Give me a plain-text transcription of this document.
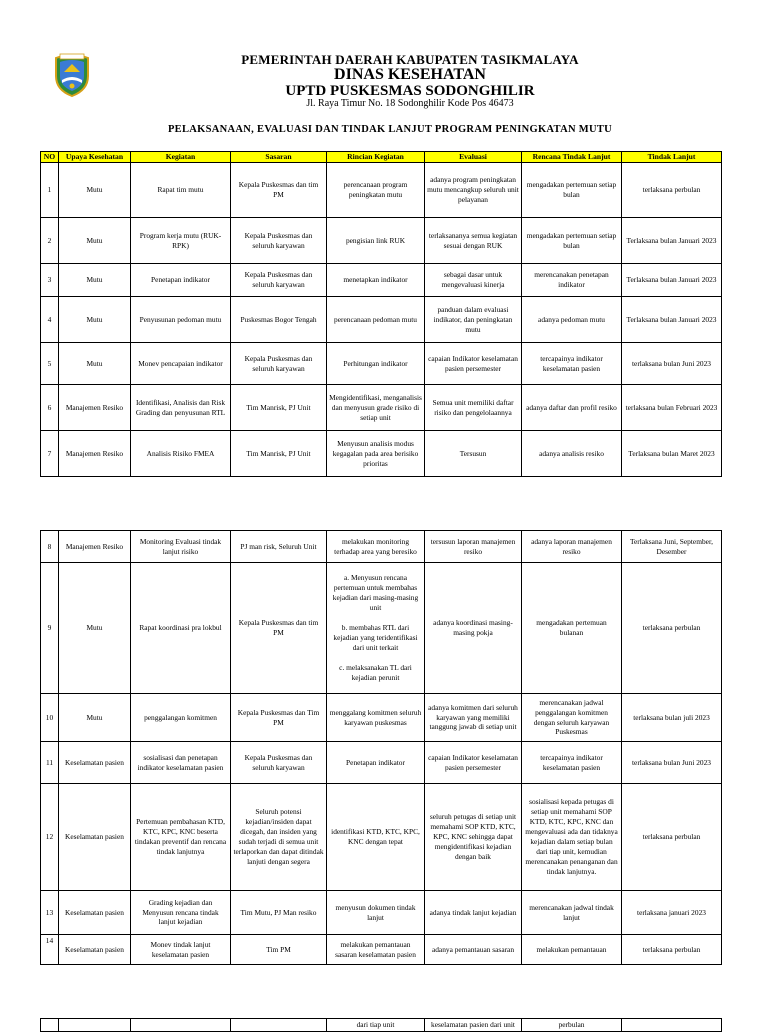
PEMERINTAH DAERAH KABUPATEN TASIKMALAYA
DINAS KESEHATAN
UPTD PUSKESMAS SODONGHILIR
Jl. Raya Timur No. 18 Sodonghilir Kode Pos 46473
PELAKSANAAN, EVALUASI DAN TINDAK LANJUT PROGRAM PENINGKATAN MUTU
NO	Upaya Kesehatan	Kegiatan	Sasaran	Rincian Kegiatan	Evaluasi	Rencana Tindak Lanjut	Tindak Lanjut
1	Mutu	Rapat tim mutu	Kepala Puskesmas dan tim PM	perencanaan program peningkatan mutu	adanya program peningkatan mutu mencangkup seluruh unit pelayanan	mengadakan pertemuan setiap bulan	terlaksana perbulan
2	Mutu	Program kerja mutu (RUK-RPK)	Kepala Puskesmas dan seluruh karyawan	pengisian link RUK	terlaksananya semua kegiatan sesuai dengan RUK	mengadakan pertemuan setiap bulan	Terlaksana bulan Januari 2023
3	Mutu	Penetapan indikator	Kepala Puskesmas dan seluruh karyawan	menetapkan indikator	sebagai dasar untuk mengevaluasi kinerja	merencanakan penetapan indikator	Terlaksana bulan Januari 2023
4	Mutu	Penyusunan pedoman mutu	Puskesmas Bogor Tengah	perencanaan pedoman mutu	panduan dalam evaluasi indikator, dan peningkatan mutu	adanya pedoman mutu	Terlaksana bulan Januari 2023
5	Mutu	Monev pencapaian indikator	Kepala Puskesmas dan seluruh karyawan	Perhitungan indikator	capaian Indikator keselamatan pasien persemester	tercapainya indikator keselamatan pasien	terlaksana bulan Juni 2023
6	Manajemen Resiko	Identifikasi, Analisis dan Risk Grading dan penyusunan RTL	Tim Manrisk, PJ Unit	Mengidentifikasi, menganalisis dan menyusun grade risiko di setiap unit	Semua unit memiliki daftar risiko dan pengelolaannya	adanya daftar dan profil resiko	terlaksana bulan Februari 2023
7	Manajemen Resiko	Analisis Risiko FMEA	Tim Manrisk, PJ Unit	Menyusun analisis modus kegagalan pada area berisiko prioritas	Tersusun	adanya analisis resiko	Terlaksana bulan Maret 2023
8	Manajemen Resiko	Monitoring Evaluasi tindak lanjut risiko	PJ man risk, Seluruh Unit	melakukan monitoring terhadap area yang beresiko	tersusun laporan manajemen resiko	adanya laporan manajemen resiko	Terlaksana Juni, September, Desember
9	Mutu	Rapat koordinasi pra lokbul	Kepala Puskesmas dan tim PM	a. Menyusun rencana pertemuan untuk membahas kejadian dari masing-masing unit

b. membahas RTL dari kejadian yang teridentifikasi dari unit terkait

c. melaksanakan TL dari kejadian perunit	adanya koordinasi masing-masing pokja	mengadakan pertemuan bulanan	terlaksana perbulan
10	Mutu	penggalangan komitmen	Kepala Puskesmas dan Tim PM	menggalang komitmen seluruh karyawan puskesmas	adanya komitmen dari seluruh karyawan yang memiliki tanggung jawab di setiap unit	merencanakan jadwal penggalangan komitmen dengan seluruh karyawan Puskesmas	terlaksana bulan juli 2023
11	Keselamatan pasien	sosialisasi dan penetapan indikator keselamatan pasien	Kepala Puskesmas dan seluruh karyawan	Penetapan indikator	capaian Indikator keselamatan pasien persemester	tercapainya indikator keselamatan pasien	terlaksana bulan Juni 2023
12	Keselamatan pasien	Pertemuan pembahasan KTD, KTC, KPC, KNC beserta tindakan preventif dan rencana tindak lanjutnya	Seluruh potensi kejadian/insiden dapat dicegah, dan insiden yang sudah terjadi di semua unit terlaporkan dan dapat ditindak lanjuti dengan segera	identifikasi KTD, KTC, KPC, KNC dengan tepat	seluruh petugas di setiap unit memahami SOP KTD, KTC, KPC, KNC sehingga dapat mengidentifikasi kejadian dengan baik	sosialisasi kepada petugas di setiap unit memahami SOP KTD, KTC, KPC, KNC dan mengevaluasi ada dan tidaknya kejadian dalam setiap bulan dari tiap unit, kemudian merencanakan penanganan dan tindak lanjutnya.	terlaksana perbulan
13	Keselamatan pasien	Grading kejadian dan Menyusun rencana tindak lanjut kejadian	Tim Mutu, PJ Man resiko	menyusun dokumen tindak lanjut	adanya tindak lanjut kejadian	merencanakan jadwal tindak lanjut	terlaksana januari 2023
14	Keselamatan pasien	Monev tindak lanjut keselamatan pasien	Tim PM	melakukan pemantauan sasaran keselamatan pasien	adanya pemantauan sasaran	melakukan pemantauan	terlaksana perbulan
				dari tiap unit	keselamatan pasien dari unit	perbulan	
